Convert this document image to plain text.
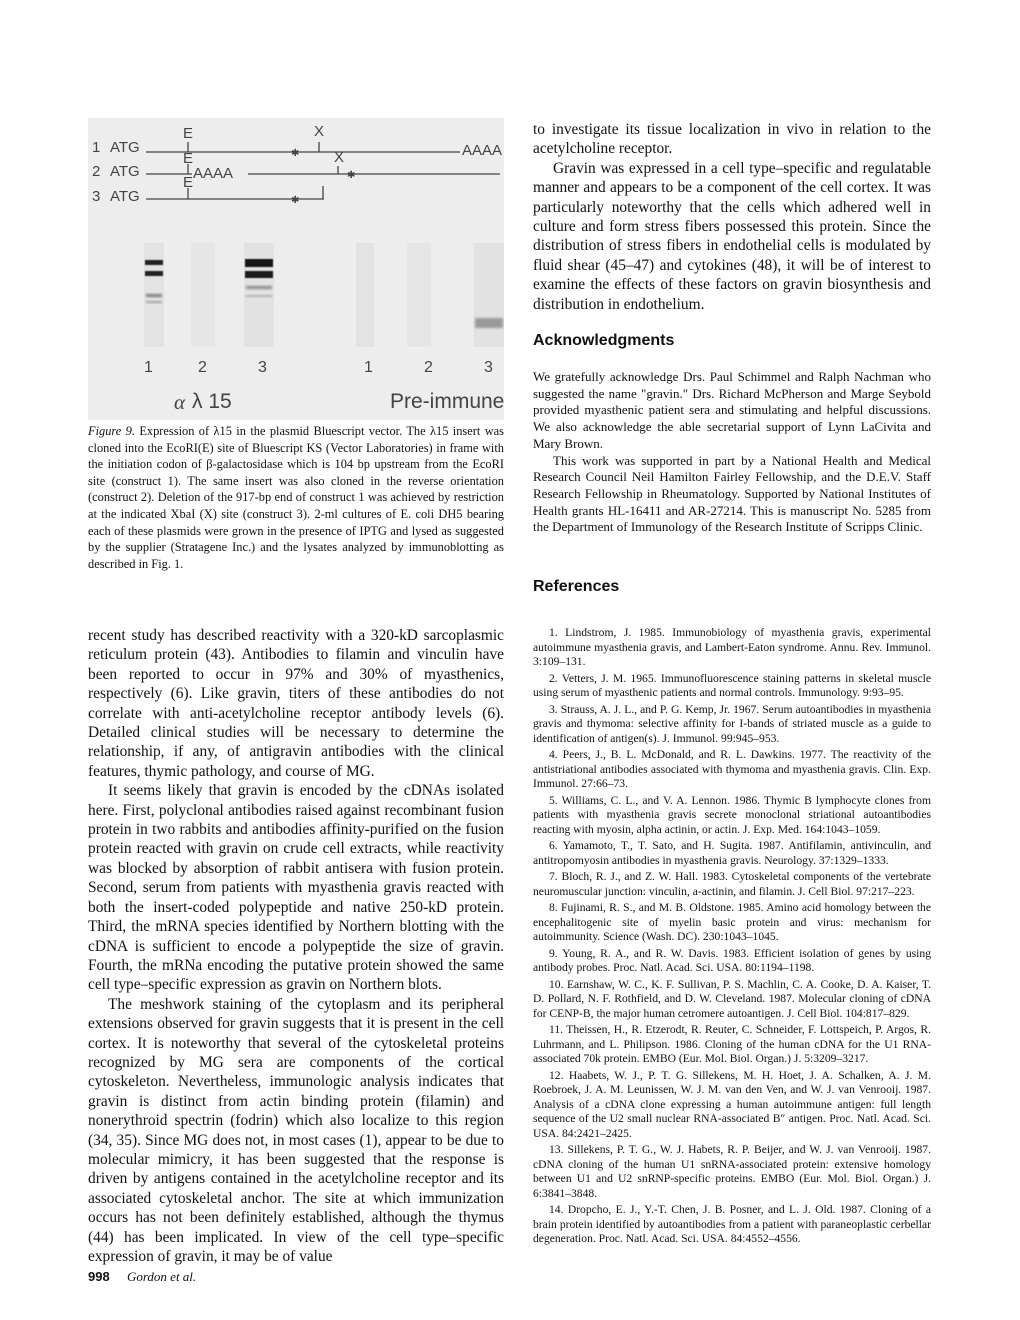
✱
✱
✱
1 ATG
2 ATG
3 ATG
E
E
E
X
X
AAAA
AAAA
1	2	3	1	2	3
α λ 15	Pre-immune

Figure 9. Expression of λ15 in the plasmid Bluescript vector. The λ15 insert was cloned into the EcoRI(E) site of Bluescript KS (Vector Laboratories) in frame with the initiation codon of β-galactosidase which is 104 bp upstream from the EcoRI site (construct 1). The same insert was also cloned in the reverse orientation (construct 2). Deletion of the 917-bp end of construct 1 was achieved by restriction at the indicated XbaI (X) site (construct 3). 2-ml cultures of E. coli DH5 bearing each of these plasmids were grown in the presence of IPTG and lysed as suggested by the supplier (Stratagene Inc.) and the lysates analyzed by immunoblotting as described in Fig. 1.

recent study has described reactivity with a 320-kD sarcoplasmic reticulum protein (43). Antibodies to filamin and vinculin have been reported to occur in 97% and 30% of myasthenics, respectively (6). Like gravin, titers of these antibodies do not correlate with anti-acetylcholine receptor antibody levels (6). Detailed clinical studies will be necessary to determine the relationship, if any, of antigravin antibodies with the clinical features, thymic pathology, and course of MG.

It seems likely that gravin is encoded by the cDNAs isolated here. First, polyclonal antibodies raised against recombinant fusion protein in two rabbits and antibodies affinity-purified on the fusion protein reacted with gravin on crude cell extracts, while reactivity was blocked by absorption of rabbit antisera with fusion protein. Second, serum from patients with myasthenia gravis reacted with both the insert-coded polypeptide and native 250-kD protein. Third, the mRNA species identified by Northern blotting with the cDNA is sufficient to encode a polypeptide the size of gravin. Fourth, the mRNa encoding the putative protein showed the same cell type–specific expression as gravin on Northern blots.

The meshwork staining of the cytoplasm and its peripheral extensions observed for gravin suggests that it is present in the cell cortex. It is noteworthy that several of the cytoskeletal proteins recognized by MG sera are components of the cortical cytoskeleton. Nevertheless, immunologic analysis indicates that gravin is distinct from actin binding protein (filamin) and nonerythroid spectrin (fodrin) which also localize to this region (34, 35). Since MG does not, in most cases (1), appear to be due to molecular mimicry, it has been suggested that the response is driven by antigens contained in the acetylcholine receptor and its associated cytoskeletal anchor. The site at which immunization occurs has not been definitely established, although the thymus (44) has been implicated. In view of the cell type–specific expression of gravin, it may be of value

to investigate its tissue localization in vivo in relation to the acetylcholine receptor.

Gravin was expressed in a cell type–specific and regulatable manner and appears to be a component of the cell cortex. It was particularly noteworthy that the cells which adhered well in culture and form stress fibers possessed this protein. Since the distribution of stress fibers in endothelial cells is modulated by fluid shear (45–47) and cytokines (48), it will be of interest to examine the effects of these factors on gravin biosynthesis and distribution in endothelium.

Acknowledgments

We gratefully acknowledge Drs. Paul Schimmel and Ralph Nachman who suggested the name "gravin." Drs. Richard McPherson and Marge Seybold provided myasthenic patient sera and stimulating and helpful discussions. We also acknowledge the able secretarial support of Lynn LaCivita and Mary Brown.

This work was supported in part by a National Health and Medical Research Council Neil Hamilton Fairley Fellowship, and the D.E.V. Staff Research Fellowship in Rheumatology. Supported by National Institutes of Health grants HL-16411 and AR-27214. This is manuscript No. 5285 from the Department of Immunology of the Research Institute of Scripps Clinic.

References
1. Lindstrom, J. 1985. Immunobiology of myasthenia gravis, experimental autoimmune myasthenia gravis, and Lambert-Eaton syndrome. Annu. Rev. Immunol. 3:109–131.
2. Vetters, J. M. 1965. Immunofluorescence staining patterns in skeletal muscle using serum of myasthenic patients and normal controls. Immunology. 9:93–95.
3. Strauss, A. J. L., and P. G. Kemp, Jr. 1967. Serum autoantibodies in myasthenia gravis and thymoma: selective affinity for I-bands of striated muscle as a guide to identification of antigen(s). J. Immunol. 99:945–953.
4. Peers, J., B. L. McDonald, and R. L. Dawkins. 1977. The reactivity of the antistriational antibodies associated with thymoma and myasthenia gravis. Clin. Exp. Immunol. 27:66–73.
5. Williams, C. L., and V. A. Lennon. 1986. Thymic B lymphocyte clones from patients with myasthenia gravis secrete monoclonal striational autoantibodies reacting with myosin, alpha actinin, or actin. J. Exp. Med. 164:1043–1059.
6. Yamamoto, T., T. Sato, and H. Sugita. 1987. Antifilamin, antivinculin, and antitropomyosin antibodies in myasthenia gravis. Neurology. 37:1329–1333.
7. Bloch, R. J., and Z. W. Hall. 1983. Cytoskeletal components of the vertebrate neuromuscular junction: vinculin, a-actinin, and filamin. J. Cell Biol. 97:217–223.
8. Fujinami, R. S., and M. B. Oldstone. 1985. Amino acid homology between the encephalitogenic site of myelin basic protein and virus: mechanism for autoimmunity. Science (Wash. DC). 230:1043–1045.
9. Young, R. A., and R. W. Davis. 1983. Efficient isolation of genes by using antibody probes. Proc. Natl. Acad. Sci. USA. 80:1194–1198.
10. Earnshaw, W. C., K. F. Sullivan, P. S. Machlin, C. A. Cooke, D. A. Kaiser, T. D. Pollard, N. F. Rothfield, and D. W. Cleveland. 1987. Molecular cloning of cDNA for CENP-B, the major human cetromere autoantigen. J. Cell Biol. 104:817–829.
11. Theissen, H., R. Etzerodt, R. Reuter, C. Schneider, F. Lottspeich, P. Argos, R. Luhrmann, and L. Philipson. 1986. Cloning of the human cDNA for the U1 RNA-associated 70k protein. EMBO (Eur. Mol. Biol. Organ.) J. 5:3209–3217.
12. Haabets, W. J., P. T. G. Sillekens, M. H. Hoet, J. A. Schalken, A. J. M. Roebroek, J. A. M. Leunissen, W. J. M. van den Ven, and W. J. van Venrooij. 1987. Analysis of a cDNA clone expressing a human autoimmune antigen: full length sequence of the U2 small nuclear RNA-associated B″ antigen. Proc. Natl. Acad. Sci. USA. 84:2421–2425.
13. Sillekens, P. T. G., W. J. Habets, R. P. Beijer, and W. J. van Venrooij. 1987. cDNA cloning of the human U1 snRNA-associated protein: extensive homology between U1 and U2 snRNP-specific proteins. EMBO (Eur. Mol. Biol. Organ.) J. 6:3841–3848.
14. Dropcho, E. J., Y.-T. Chen, J. B. Posner, and L. J. Old. 1987. Cloning of a brain protein identified by autoantibodies from a patient with paraneoplastic cerbellar degeneration. Proc. Natl. Acad. Sci. USA. 84:4552–4556.
998 Gordon et al.
